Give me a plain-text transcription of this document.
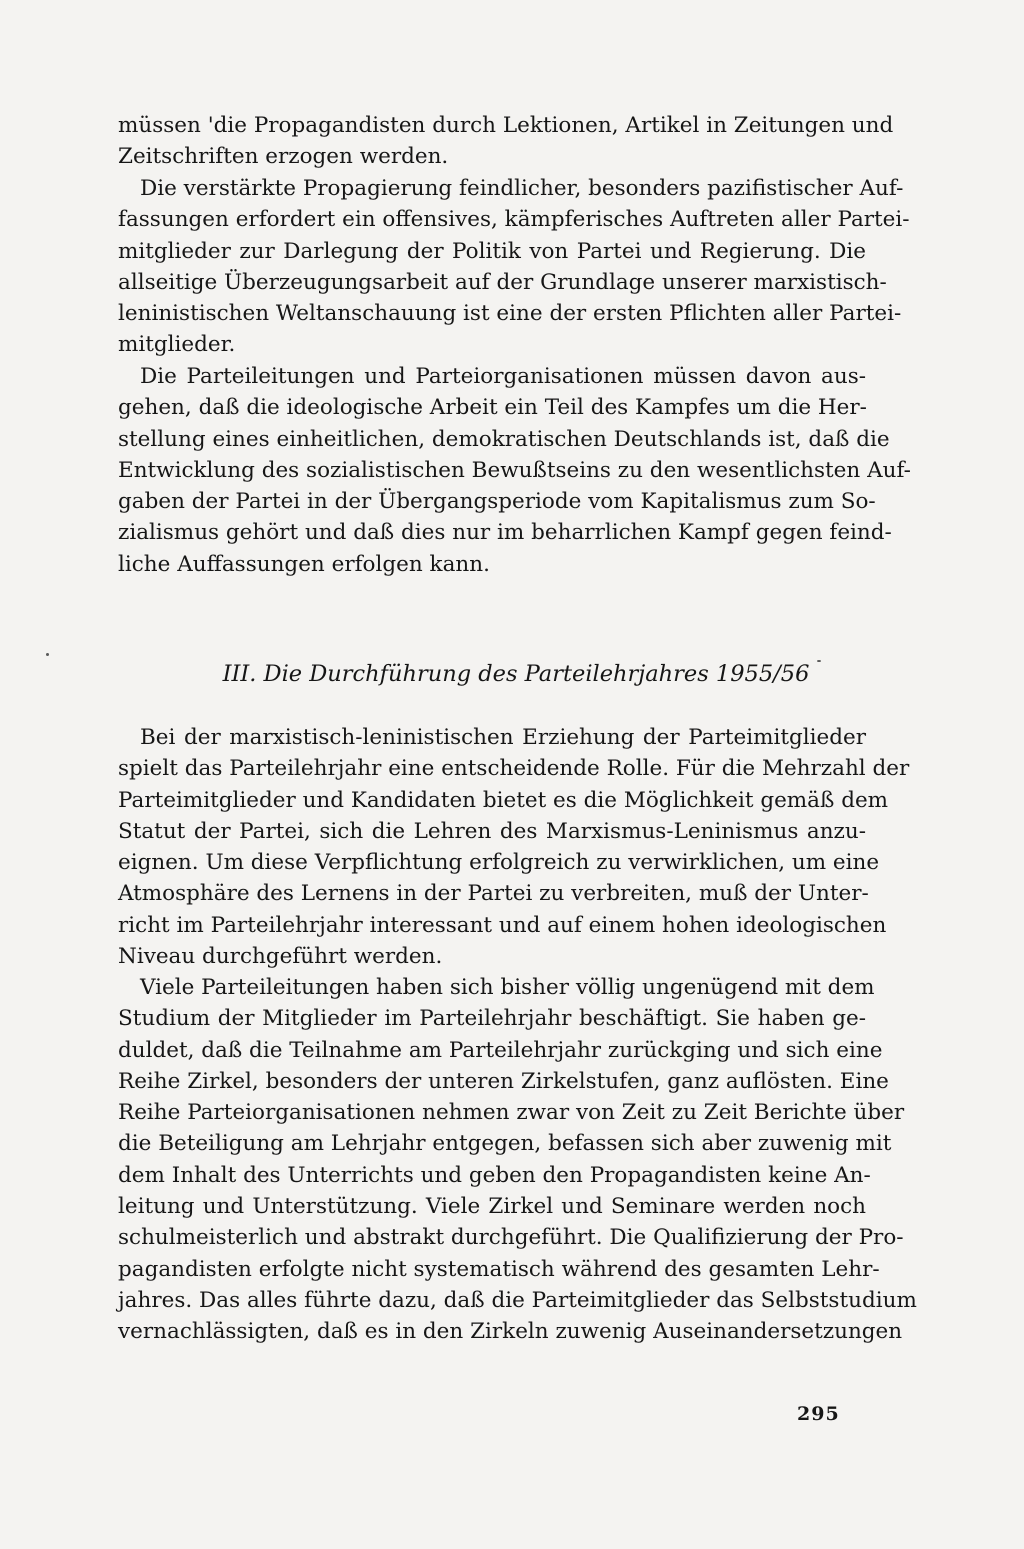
müssen 'die Propagandisten durch Lektionen, Artikel in Zeitungen und
Zeitschriften erzogen werden.
Die verstärkte Propagierung feindlicher, besonders pazifistischer Auf-
fassungen erfordert ein offensives, kämpferisches Auftreten aller Partei-
mitglieder zur Darlegung der Politik von Partei und Regierung. Die
allseitige Überzeugungsarbeit auf der Grundlage unserer marxistisch-
leninistischen Weltanschauung ist eine der ersten Pflichten aller Partei-
mitglieder.
Die Parteileitungen und Parteiorganisationen müssen davon aus-
gehen, daß die ideologische Arbeit ein Teil des Kampfes um die Her-
stellung eines einheitlichen, demokratischen Deutschlands ist, daß die
Entwicklung des sozialistischen Bewußtseins zu den wesentlichsten Auf-
gaben der Partei in der Übergangsperiode vom Kapitalismus zum So-
zialismus gehört und daß dies nur im beharrlichen Kampf gegen feind-
liche Auffassungen erfolgen kann.
III. Die Durchführung des Parteilehrjahres 1955/56
Bei der marxistisch-leninistischen Erziehung der Parteimitglieder
spielt das Parteilehrjahr eine entscheidende Rolle. Für die Mehrzahl der
Parteimitglieder und Kandidaten bietet es die Möglichkeit gemäß dem
Statut der Partei, sich die Lehren des Marxismus-Leninismus anzu-
eignen. Um diese Verpflichtung erfolgreich zu verwirklichen, um eine
Atmosphäre des Lernens in der Partei zu verbreiten, muß der Unter-
richt im Parteilehrjahr interessant und auf einem hohen ideologischen
Niveau durchgeführt werden.
Viele Parteileitungen haben sich bisher völlig ungenügend mit dem
Studium der Mitglieder im Parteilehrjahr beschäftigt. Sie haben ge-
duldet, daß die Teilnahme am Parteilehrjahr zurückging und sich eine
Reihe Zirkel, besonders der unteren Zirkelstufen, ganz auflösten. Eine
Reihe Parteiorganisationen nehmen zwar von Zeit zu Zeit Berichte über
die Beteiligung am Lehrjahr entgegen, befassen sich aber zuwenig mit
dem Inhalt des Unterrichts und geben den Propagandisten keine An-
leitung und Unterstützung. Viele Zirkel und Seminare werden noch
schulmeisterlich und abstrakt durchgeführt. Die Qualifizierung der Pro-
pagandisten erfolgte nicht systematisch während des gesamten Lehr-
jahres. Das alles führte dazu, daß die Parteimitglieder das Selbststudium
vernachlässigten, daß es in den Zirkeln zuwenig Auseinandersetzungen
295
